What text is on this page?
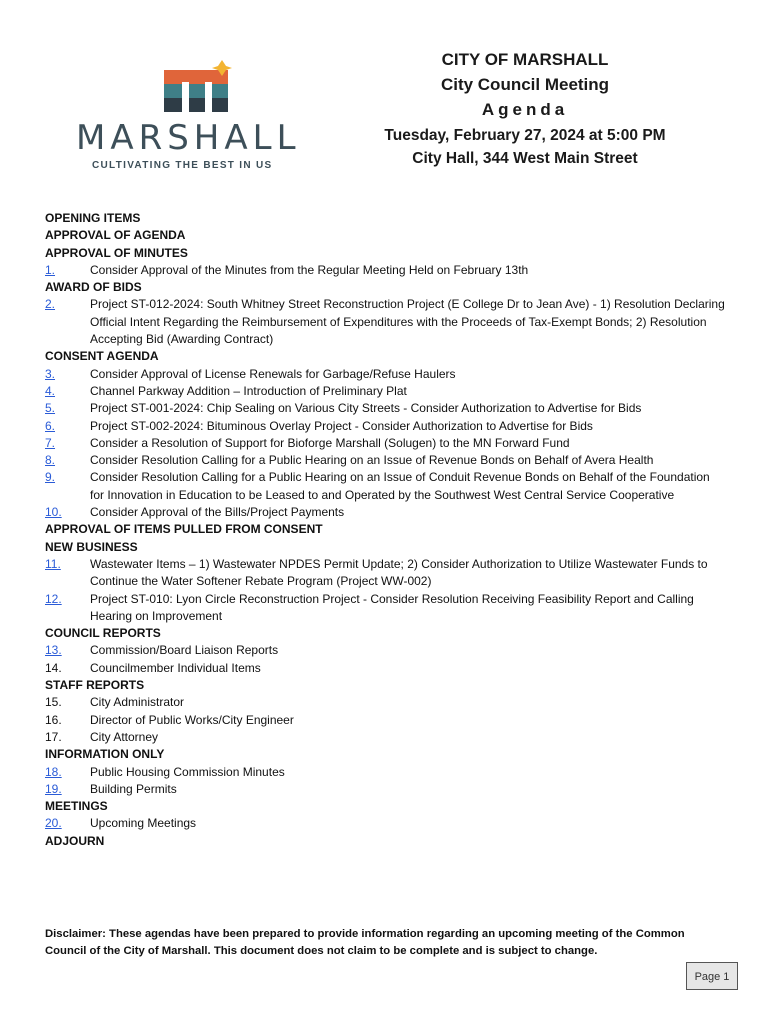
MARSHALL
CULTIVATING THE BEST IN US
CITY OF MARSHALL
City Council Meeting
Agenda
Tuesday, February 27, 2024 at 5:00 PM
City Hall, 344 West Main Street
OPENING ITEMS
APPROVAL OF AGENDA
APPROVAL OF MINUTES
1.	Consider Approval of the Minutes from the Regular Meeting Held on February 13th
AWARD OF BIDS
2.	Project ST-012-2024: South Whitney Street Reconstruction Project (E College Dr to Jean Ave) - 1) Resolution Declaring Official Intent Regarding the Reimbursement of Expenditures with the Proceeds of Tax-Exempt Bonds; 2) Resolution Accepting Bid (Awarding Contract)
CONSENT AGENDA
3.	Consider Approval of License Renewals for Garbage/Refuse Haulers
4.	Channel Parkway Addition – Introduction of Preliminary Plat
5.	Project ST-001-2024: Chip Sealing on Various City Streets - Consider Authorization to Advertise for Bids
6.	Project ST-002-2024: Bituminous Overlay Project - Consider Authorization to Advertise for Bids
7.	Consider a Resolution of Support for Bioforge Marshall (Solugen) to the MN Forward Fund
8.	Consider Resolution Calling for a Public Hearing on an Issue of Revenue Bonds on Behalf of Avera Health
9.	Consider Resolution Calling for a Public Hearing on an Issue of Conduit Revenue Bonds on Behalf of the Foundation for Innovation in Education to be Leased to and Operated by the Southwest West Central Service Cooperative
10. Consider Approval of the Bills/Project Payments
APPROVAL OF ITEMS PULLED FROM CONSENT
NEW BUSINESS
11. Wastewater Items – 1) Wastewater NPDES Permit Update; 2) Consider Authorization to Utilize Wastewater Funds to Continue the Water Softener Rebate Program (Project WW-002)
12. Project ST-010: Lyon Circle Reconstruction Project - Consider Resolution Receiving Feasibility Report and Calling Hearing on Improvement
COUNCIL REPORTS
13. Commission/Board Liaison Reports
14. Councilmember Individual Items
STAFF REPORTS
15. City Administrator
16. Director of Public Works/City Engineer
17. City Attorney
INFORMATION ONLY
18. Public Housing Commission Minutes
19. Building Permits
MEETINGS
20. Upcoming Meetings
ADJOURN
Disclaimer: These agendas have been prepared to provide information regarding an upcoming meeting of the Common Council of the City of Marshall. This document does not claim to be complete and is subject to change.
Page 1
